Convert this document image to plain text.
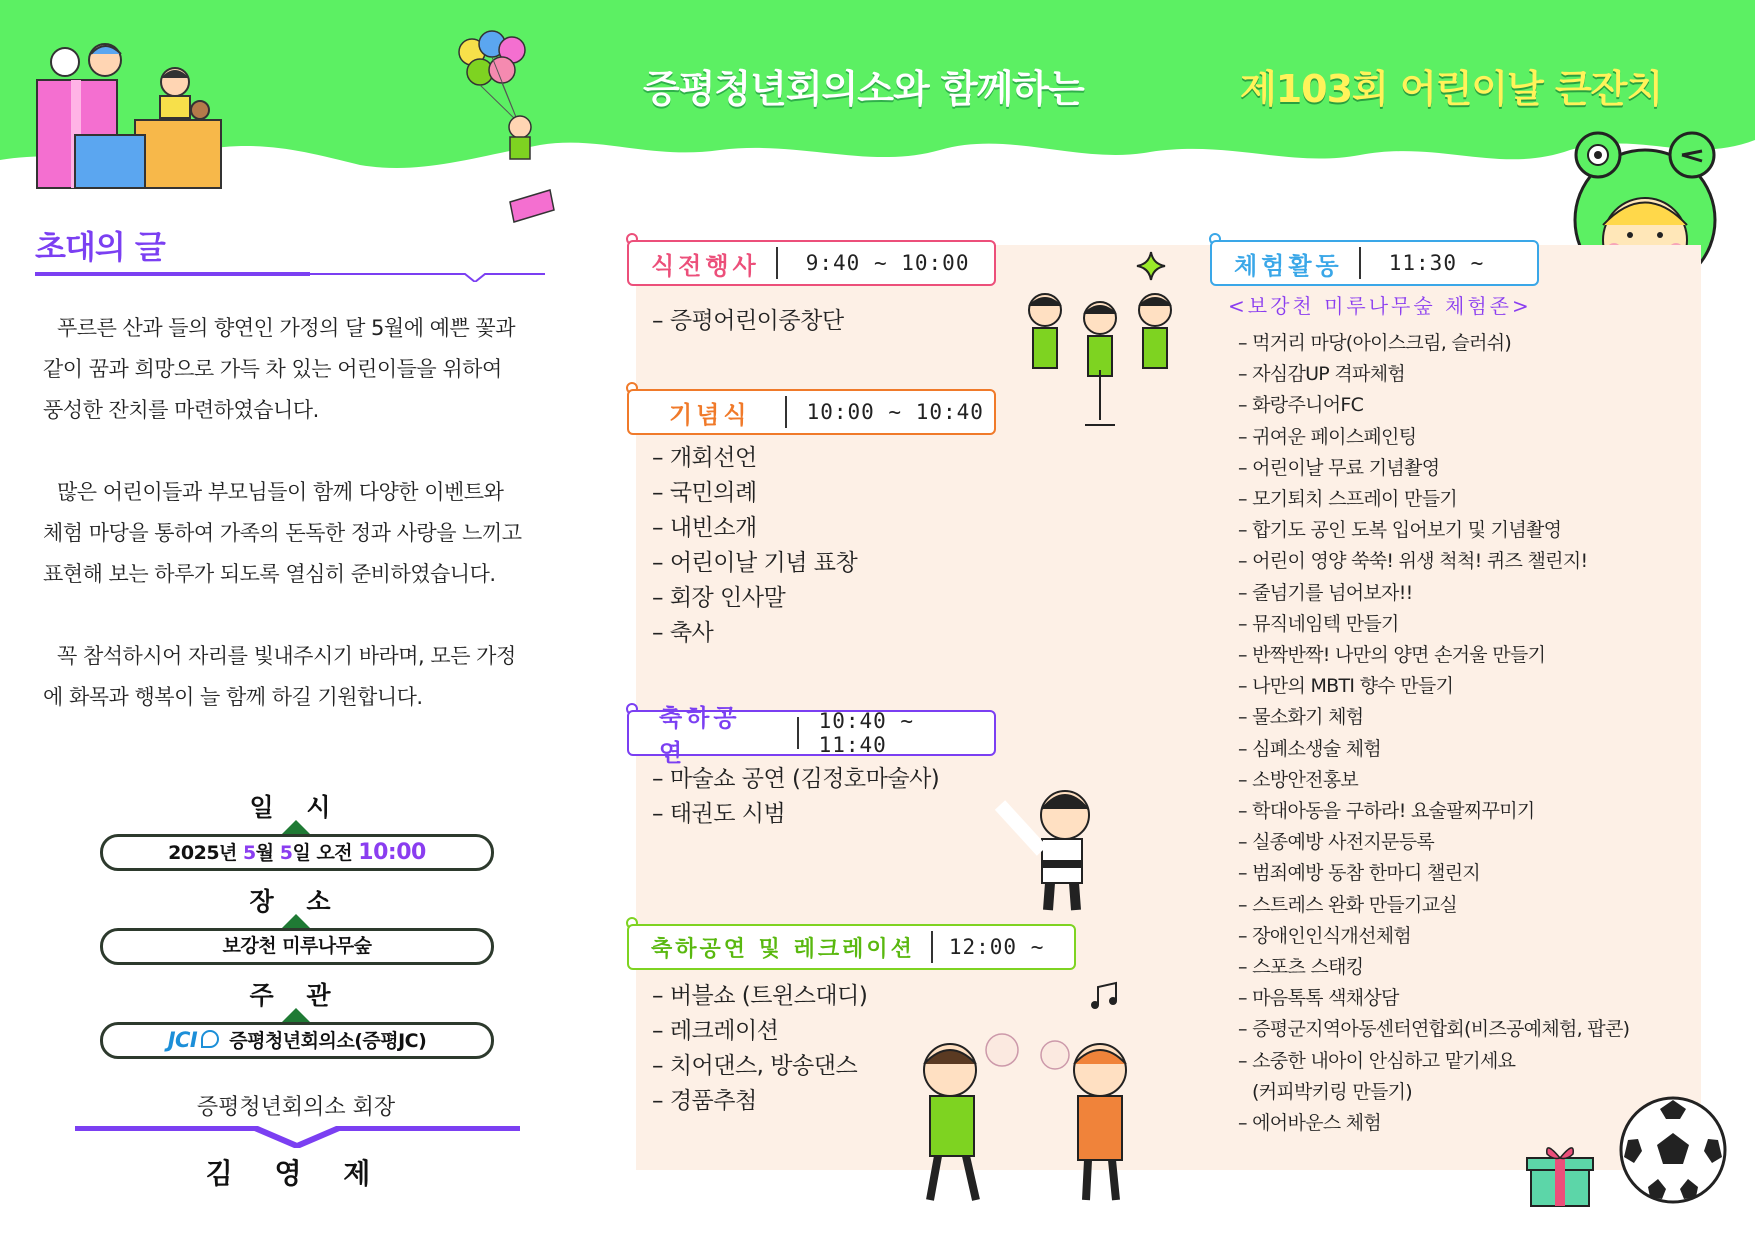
증평청년회의소와 함께하는	제103회 어린이날 큰잔치
초대의 글

푸르른 산과 들의 향연인 가정의 달 5월에 예쁜 꽃과 같이 꿈과 희망으로 가득 차 있는 어린이들을 위하여 풍성한 잔치를 마련하였습니다.

많은 어린이들과 부모님들이 함께 다양한 이벤트와 체험 마당을 통하여 가족의 돈독한 정과 사랑을 느끼고 표현해 보는 하루가 되도록 열심히 준비하였습니다.

꼭 참석하시어 자리를 빛내주시기 바라며, 모든 가정에 화목과 행복이 늘 함께 하길 기원합니다.

일 시
2025년 5월 5일 오전 10:00
장 소
보강천 미루나무숲
주 관
JCI 증평청년회의소(증평JC)
증평청년회의소 회장
김 영 제
식전행사	9:40 ~ 10:00
– 증평어린이중창단
기념식	10:00 ~ 10:40
– 개회선언
– 국민의례
– 내빈소개
– 어린이날 기념 표창
– 회장 인사말
– 축사
축하공연
10:40 ~ 11:40
– 마술쇼 공연 (김정호마술사)
– 태권도 시범
축하공연 및 레크레이션	12:00 ~
– 버블쇼 (트윈스대디)
– 레크레이션
– 치어댄스, 방송댄스
– 경품추첨
체험활동	11:30 ~
<보강천 미루나무숲 체험존>
– 먹거리 마당(아이스크림, 슬러쉬)
– 자심감UP 격파체험
– 화랑주니어FC
– 귀여운 페이스페인팅
– 어린이날 무료 기념촬영
– 모기퇴치 스프레이 만들기
– 합기도 공인 도복 입어보기 및 기념촬영
– 어린이 영양 쑥쑥! 위생 척척! 퀴즈 챌린지!
– 줄넘기를 넘어보자!!
– 뮤직네임텍 만들기
– 반짝반짝! 나만의 양면 손거울 만들기
– 나만의 MBTI 향수 만들기
– 물소화기 체험
– 심폐소생술 체험
– 소방안전홍보
– 학대아동을 구하라! 요술팔찌꾸미기
– 실종예방 사전지문등록
– 범죄예방 동참 한마디 챌린지
– 스트레스 완화 만들기교실
– 장애인인식개선체험
– 스포츠 스태킹
– 마음톡톡 색채상담
– 증평군지역아동센터연합회(비즈공예체험, 팝콘)
– 소중한 내아이 안심하고 맡기세요
(커피박키링 만들기)
– 에어바운스 체험
